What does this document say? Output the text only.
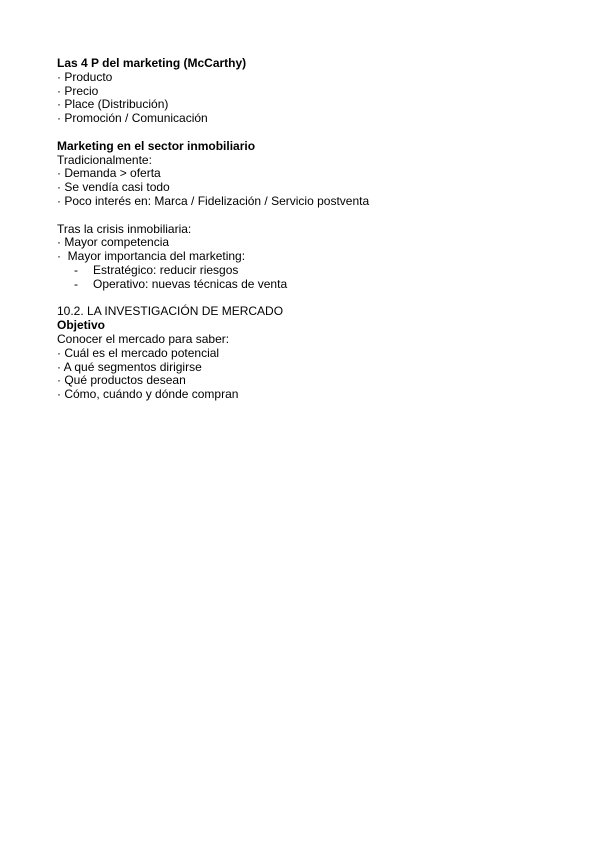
Las 4 P del marketing (McCarthy)

· Producto

· Precio

· Place (Distribución)

· Promoción / Comunicación

Marketing en el sector inmobiliario

Tradicionalmente:

· Demanda > oferta

· Se vendía casi todo

· Poco interés en: Marca / Fidelización / Servicio postventa

Tras la crisis inmobiliaria:

· Mayor competencia

·  Mayor importancia del marketing:

- Estratégico: reducir riesgos

- Operativo: nuevas técnicas de venta

10.2. LA INVESTIGACIÓN DE MERCADO

Objetivo

Conocer el mercado para saber:

· Cuál es el mercado potencial

· A qué segmentos dirigirse

· Qué productos desean

· Cómo, cuándo y dónde compran
